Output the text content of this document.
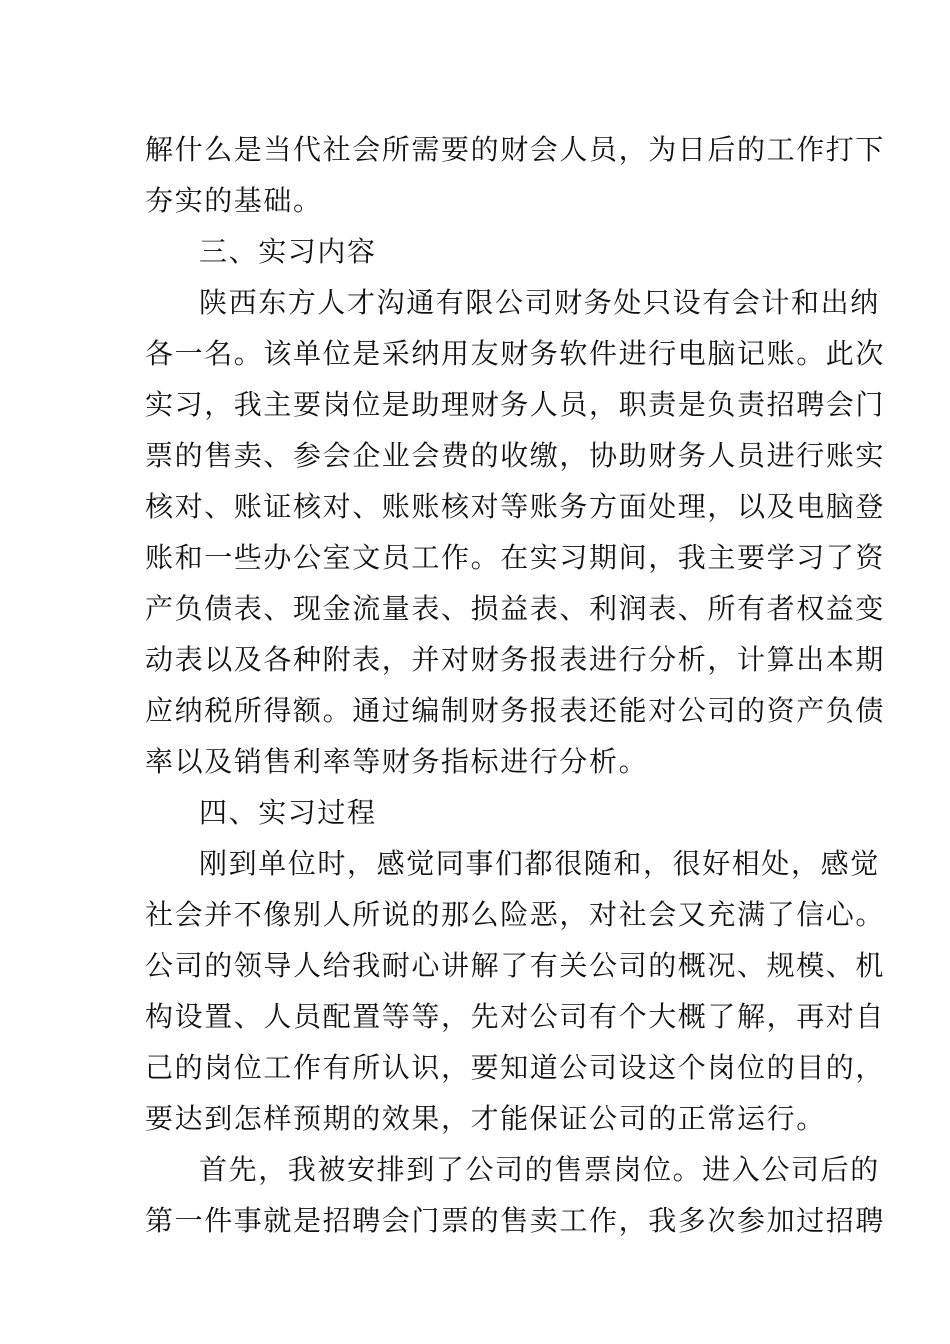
解什么是当代社会所需要的财会人员，为日后的工作打下

夯实的基础。

三、实习内容

陕西东方人才沟通有限公司财务处只设有会计和出纳

各一名。该单位是采纳用友财务软件进行电脑记账。此次

实习，我主要岗位是助理财务人员，职责是负责招聘会门

票的售卖、参会企业会费的收缴，协助财务人员进行账实

核对、账证核对、账账核对等账务方面处理，以及电脑登

账和一些办公室文员工作。在实习期间，我主要学习了资

产负债表、现金流量表、损益表、利润表、所有者权益变

动表以及各种附表，并对财务报表进行分析，计算出本期

应纳税所得额。通过编制财务报表还能对公司的资产负债

率以及销售利率等财务指标进行分析。

四、实习过程

刚到单位时，感觉同事们都很随和，很好相处，感觉

社会并不像别人所说的那么险恶，对社会又充满了信心。

公司的领导人给我耐心讲解了有关公司的概况、规模、机

构设置、人员配置等等，先对公司有个大概了解，再对自

己的岗位工作有所认识，要知道公司设这个岗位的目的，

要达到怎样预期的效果，才能保证公司的正常运行。

首先，我被安排到了公司的售票岗位。进入公司后的

第一件事就是招聘会门票的售卖工作，我多次参加过招聘
